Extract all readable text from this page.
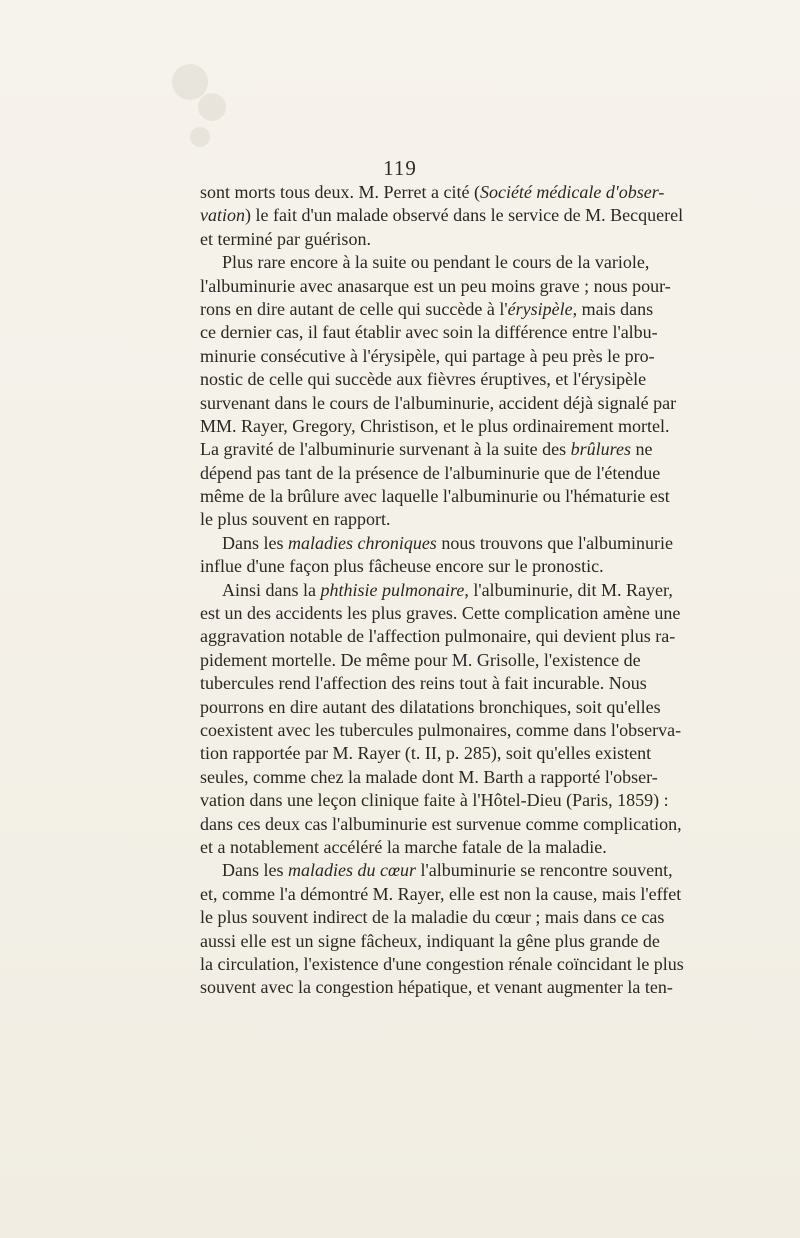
119
sont morts tous deux. M. Perret a cité (Société médicale d'obser-
vation) le fait d'un malade observé dans le service de M. Becquerel
et terminé par guérison.
Plus rare encore à la suite ou pendant le cours de la variole,
l'albuminurie avec anasarque est un peu moins grave ; nous pour-
rons en dire autant de celle qui succède à l'érysipèle, mais dans
ce dernier cas, il faut établir avec soin la différence entre l'albu-
minurie consécutive à l'érysipèle, qui partage à peu près le pro-
nostic de celle qui succède aux fièvres éruptives, et l'érysipèle
survenant dans le cours de l'albuminurie, accident déjà signalé par
MM. Rayer, Gregory, Christison, et le plus ordinairement mortel.
La gravité de l'albuminurie survenant à la suite des brûlures ne
dépend pas tant de la présence de l'albuminurie que de l'étendue
même de la brûlure avec laquelle l'albuminurie ou l'hématurie est
le plus souvent en rapport.
Dans les maladies chroniques nous trouvons que l'albuminurie
influe d'une façon plus fâcheuse encore sur le pronostic.
Ainsi dans la phthisie pulmonaire, l'albuminurie, dit M. Rayer,
est un des accidents les plus graves. Cette complication amène une
aggravation notable de l'affection pulmonaire, qui devient plus ra-
pidement mortelle. De même pour M. Grisolle, l'existence de
tubercules rend l'affection des reins tout à fait incurable. Nous
pourrons en dire autant des dilatations bronchiques, soit qu'elles
coexistent avec les tubercules pulmonaires, comme dans l'observa-
tion rapportée par M. Rayer (t. II, p. 285), soit qu'elles existent
seules, comme chez la malade dont M. Barth a rapporté l'obser-
vation dans une leçon clinique faite à l'Hôtel-Dieu (Paris, 1859) :
dans ces deux cas l'albuminurie est survenue comme complication,
et a notablement accéléré la marche fatale de la maladie.
Dans les maladies du cœur l'albuminurie se rencontre souvent,
et, comme l'a démontré M. Rayer, elle est non la cause, mais l'effet
le plus souvent indirect de la maladie du cœur ; mais dans ce cas
aussi elle est un signe fâcheux, indiquant la gêne plus grande de
la circulation, l'existence d'une congestion rénale coïncidant le plus
souvent avec la congestion hépatique, et venant augmenter la ten-
